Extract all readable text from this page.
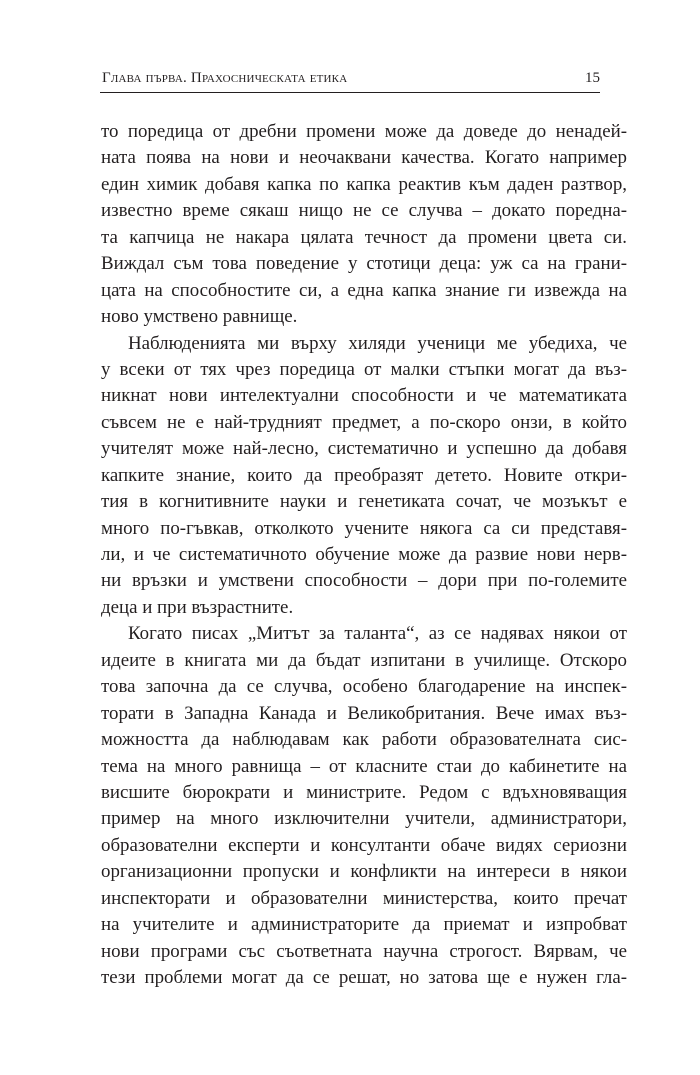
Глава първа. Прахосническата етика	15
то поредица от дребни промени може да доведе до ненадей-
ната поява на нови и неочаквани качества. Когато например
един химик добавя капка по капка реактив към даден разтвор,
известно време сякаш нищо не се случва – докато поредна-
та капчица не накара цялата течност да промени цвета си.
Виждал съм това поведение у стотици деца: уж са на грани-
цата на способностите си, а една капка знание ги извежда на
ново умствено равнище.
Наблюденията ми върху хиляди ученици ме убедиха, че
у всеки от тях чрез поредица от малки стъпки могат да въз-
никнат нови интелектуални способности и че математиката
съвсем не е най-трудният предмет, а по-скоро онзи, в който
учителят може най-лесно, систематично и успешно да добавя
капките знание, които да преобразят детето. Новите откри-
тия в когнитивните науки и генетиката сочат, че мозъкът е
много по-гъвкав, отколкото учените някога са си представя-
ли, и че систематичното обучение може да развие нови нерв-
ни връзки и умствени способности – дори при по-големите
деца и при възрастните.
Когато писах „Митът за таланта“, аз се надявах някои от
идеите в книгата ми да бъдат изпитани в училище. Отскоро
това започна да се случва, особено благодарение на инспек-
торати в Западна Канада и Великобритания. Вече имах въз-
можността да наблюдавам как работи образователната сис-
тема на много равнища – от класните стаи до кабинетите на
висшите бюрократи и министрите. Редом с вдъхновяващия
пример на много изключителни учители, администратори,
образователни експерти и консултанти обаче видях сериозни
организационни пропуски и конфликти на интереси в някои
инспекторати и образователни министерства, които пречат
на учителите и администраторите да приемат и изпробват
нови програми със съответната научна строгост. Вярвам, че
тези проблеми могат да се решат, но затова ще е нужен гла-
